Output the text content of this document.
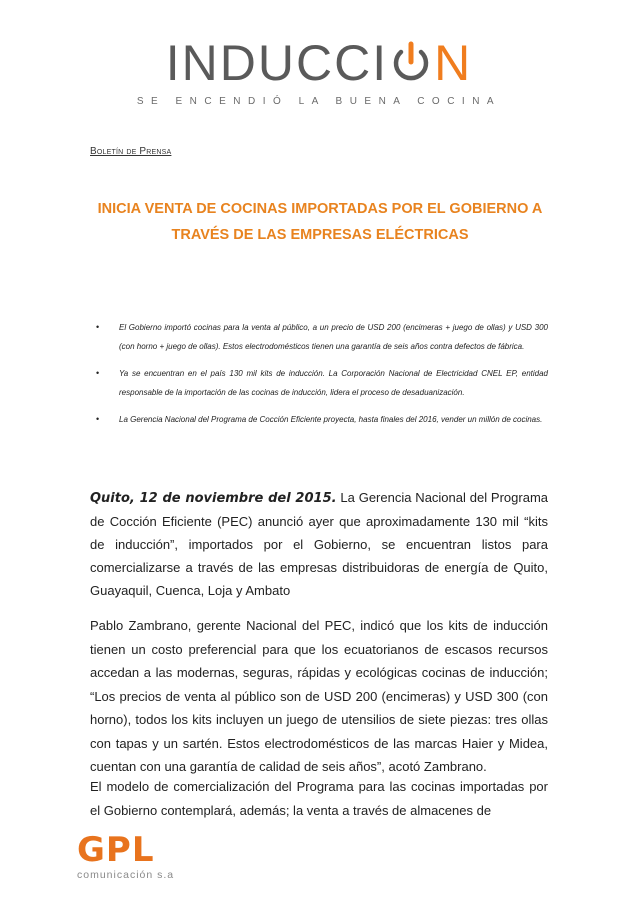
INDUCCI N
SE ENCENDIÓ LA BUENA COCINA
Boletín de Prensa
INICIA VENTA DE COCINAS IMPORTADAS POR EL GOBIERNO A TRAVÉS DE LAS EMPRESAS ELÉCTRICAS
• El Gobierno importó cocinas para la venta al público, a un precio de USD 200 (encimeras + juego de ollas) y USD 300 (con horno + juego de ollas). Estos electrodomésticos tienen una garantía de seis años contra defectos de fábrica.
• Ya se encuentran en el país 130 mil kits de inducción. La Corporación Nacional de Electricidad CNEL EP, entidad responsable de la importación de las cocinas de inducción, lidera el proceso de desaduanización.
• La Gerencia Nacional del Programa de Cocción Eficiente proyecta, hasta finales del 2016, vender un millón de cocinas.

Quito, 12 de noviembre del 2015. La Gerencia Nacional del Programa de Cocción Eficiente (PEC) anunció ayer que aproximadamente 130 mil “kits de inducción”, importados por el Gobierno, se encuentran listos para comercializarse a través de las empresas distribuidoras de energía de Quito, Guayaquil, Cuenca, Loja y Ambato

Pablo Zambrano, gerente Nacional del PEC, indicó que los kits de inducción tienen un costo preferencial para que los ecuatorianos de escasos recursos accedan a las modernas, seguras, rápidas y ecológicas cocinas de inducción; “Los precios de venta al público son de USD 200 (encimeras) y USD 300 (con horno), todos los kits incluyen un juego de utensilios de siete piezas: tres ollas con tapas y un sartén. Estos electrodomésticos de las marcas Haier y Midea, cuentan con una garantía de calidad de seis años”, acotó Zambrano.

El modelo de comercialización del Programa para las cocinas importadas por el Gobierno contemplará, además; la venta a través de almacenes de

GPL
comunicación s.a
